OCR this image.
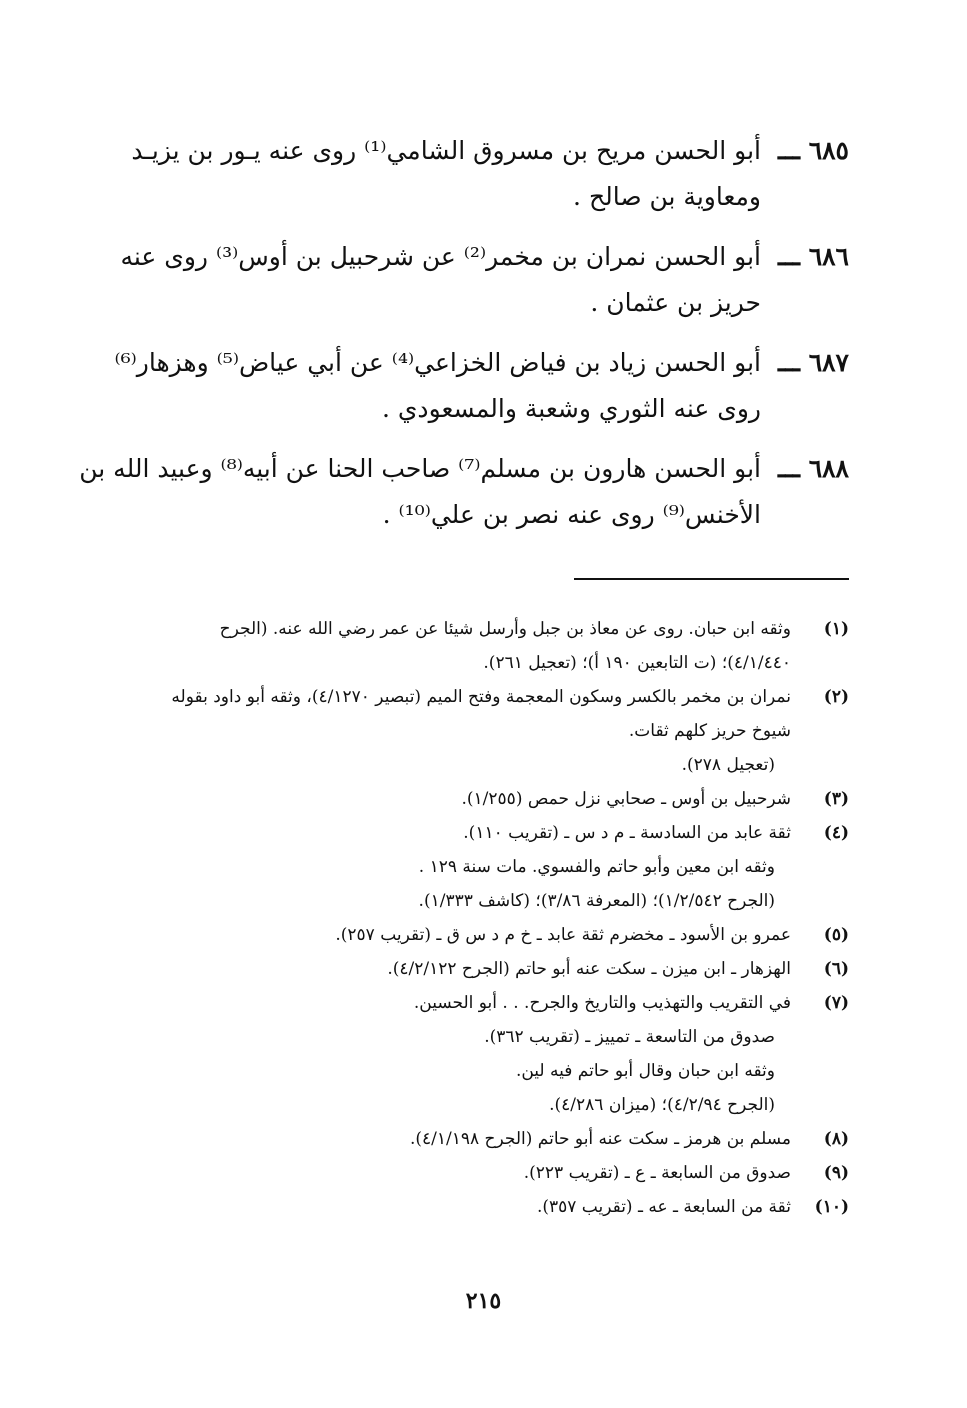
٦٨٥ ـــ
أبو الحسن مريح بن مسروق الشامي⁽¹⁾ روى عنه يـور بن يزيـد
ومعاوية بن صالح .
٦٨٦ ـــ
أبو الحسن نمران بن مخمر⁽²⁾ عن شرحبيل بن أوس⁽³⁾ روى عنه
حريز بن عثمان .
٦٨٧ ـــ
أبو الحسن زياد بن فياض الخزاعي⁽⁴⁾ عن أبي عياض⁽⁵⁾ وهزهار⁽⁶⁾
روى عنه الثوري وشعبة والمسعودي .
٦٨٨ ـــ
أبو الحسن هارون بن مسلم⁽⁷⁾ صاحب الحنا عن أبيه⁽⁸⁾ وعبيد الله بن
الأخنس⁽⁹⁾ روى عنه نصر بن علي⁽¹⁰⁾ .
(١)
وثقه ابن حبان. روى عن معاذ بن جبل وأرسل شيئا عن عمر رضي الله عنه. (الجرح
٤/١/٤٤٠)؛ (ت التابعين ١٩٠ أ)؛ (تعجيل ٢٦١).
(٢)
نمران بن مخمر بالكسر وسكون المعجمة وفتح الميم (تبصير ٤/١٢٧٠)، وثقه أبو داود بقوله
شيوخ حريز كلهم ثقات.
(تعجيل ٢٧٨).
(٣)
شرحبيل بن أوس ـ صحابي نزل حمص (١/٢٥٥).
(٤)
ثقة عابد من السادسة ـ م د س ـ (تقريب ١١٠).
وثقه ابن معين وأبو حاتم والفسوي. مات سنة ١٢٩ .
(الجرح ١/٢/٥٤٢)؛ (المعرفة ٣/٨٦)؛ (كاشف ١/٣٣٣).
(٥)
عمرو بن الأسود ـ مخضرم ثقة عابد ـ خ م د س ق ـ (تقريب ٢٥٧).
(٦)
الهزهار ـ ابن ميزن ـ سكت عنه أبو حاتم (الجرح ٤/٢/١٢٢).
(٧)
في التقريب والتهذيب والتاريخ والجرح. . . أبو الحسين.
صدوق من التاسعة ـ تمييز ـ (تقريب ٣٦٢).
وثقه ابن حبان وقال أبو حاتم فيه لين.
(الجرح ٤/٢/٩٤)؛ (ميزان ٤/٢٨٦).
(٨)
مسلم بن هرمز ـ سكت عنه أبو حاتم (الجرح ٤/١/١٩٨).
(٩)
صدوق من السابعة ـ ع ـ (تقريب ٢٢٣).
(١٠)
ثقة من السابعة ـ عه ـ (تقريب ٣٥٧).
٢١٥
